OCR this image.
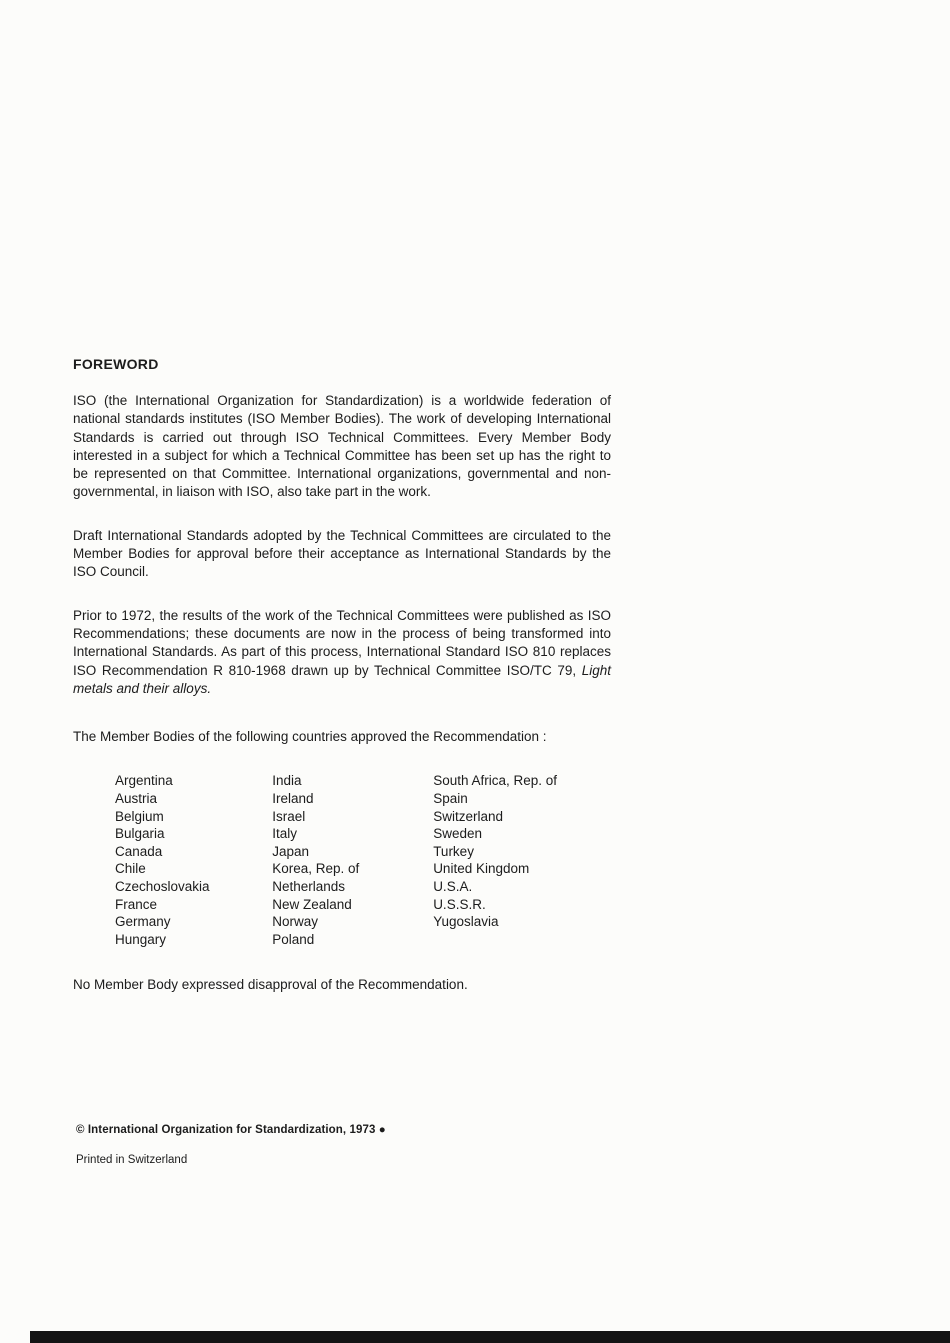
FOREWORD

ISO (the International Organization for Standardization) is a worldwide federation of national standards institutes (ISO Member Bodies). The work of developing International Standards is carried out through ISO Technical Committees. Every Member Body interested in a subject for which a Technical Committee has been set up has the right to be represented on that Committee. International organizations, governmental and non-governmental, in liaison with ISO, also take part in the work.

Draft International Standards adopted by the Technical Committees are circulated to the Member Bodies for approval before their acceptance as International Standards by the ISO Council.

Prior to 1972, the results of the work of the Technical Committees were published as ISO Recommendations; these documents are now in the process of being transformed into International Standards. As part of this process, International Standard ISO 810 replaces ISO Recommendation R 810-1968 drawn up by Technical Committee ISO/TC 79, Light metals and their alloys.

The Member Bodies of the following countries approved the Recommendation :

Argentina
Austria
Belgium
Bulgaria
Canada
Chile
Czechoslovakia
France
Germany
Hungary
India
Ireland
Israel
Italy
Japan
Korea, Rep. of
Netherlands
New Zealand
Norway
Poland
South Africa, Rep. of
Spain
Switzerland
Sweden
Turkey
United Kingdom
U.S.A.
U.S.S.R.
Yugoslavia

No Member Body expressed disapproval of the Recommendation.

© International Organization for Standardization, 1973 ●
Printed in Switzerland
